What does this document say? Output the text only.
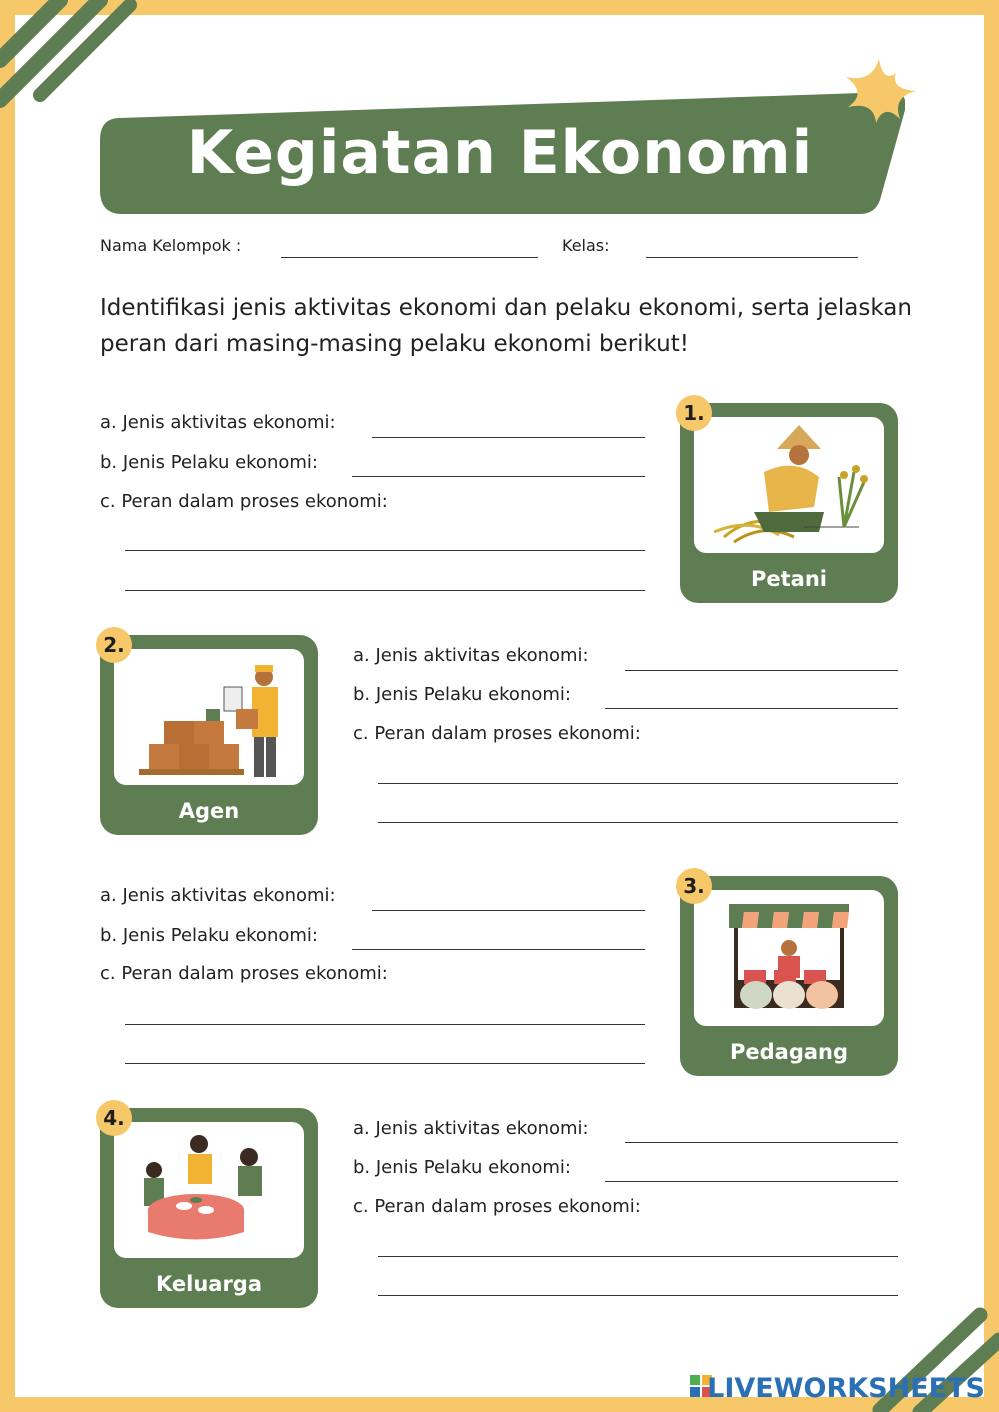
Kegiatan Ekonomi
Nama Kelompok :	Kelas:
Identifikasi jenis aktivitas ekonomi dan pelaku ekonomi, serta jelaskan peran dari masing-masing pelaku ekonomi berikut!
a. Jenis aktivitas ekonomi:
b. Jenis Pelaku ekonomi:
c. Peran dalam proses ekonomi:
Petani
1.
Agen
2.	a. Jenis aktivitas ekonomi:
b. Jenis Pelaku ekonomi:
c. Peran dalam proses ekonomi:
a. Jenis aktivitas ekonomi:
b. Jenis Pelaku ekonomi:
c. Peran dalam proses ekonomi:
Pedagang
3.
Keluarga
4.	a. Jenis aktivitas ekonomi:
b. Jenis Pelaku ekonomi:
c. Peran dalam proses ekonomi:
LIVEWORKSHEETS
